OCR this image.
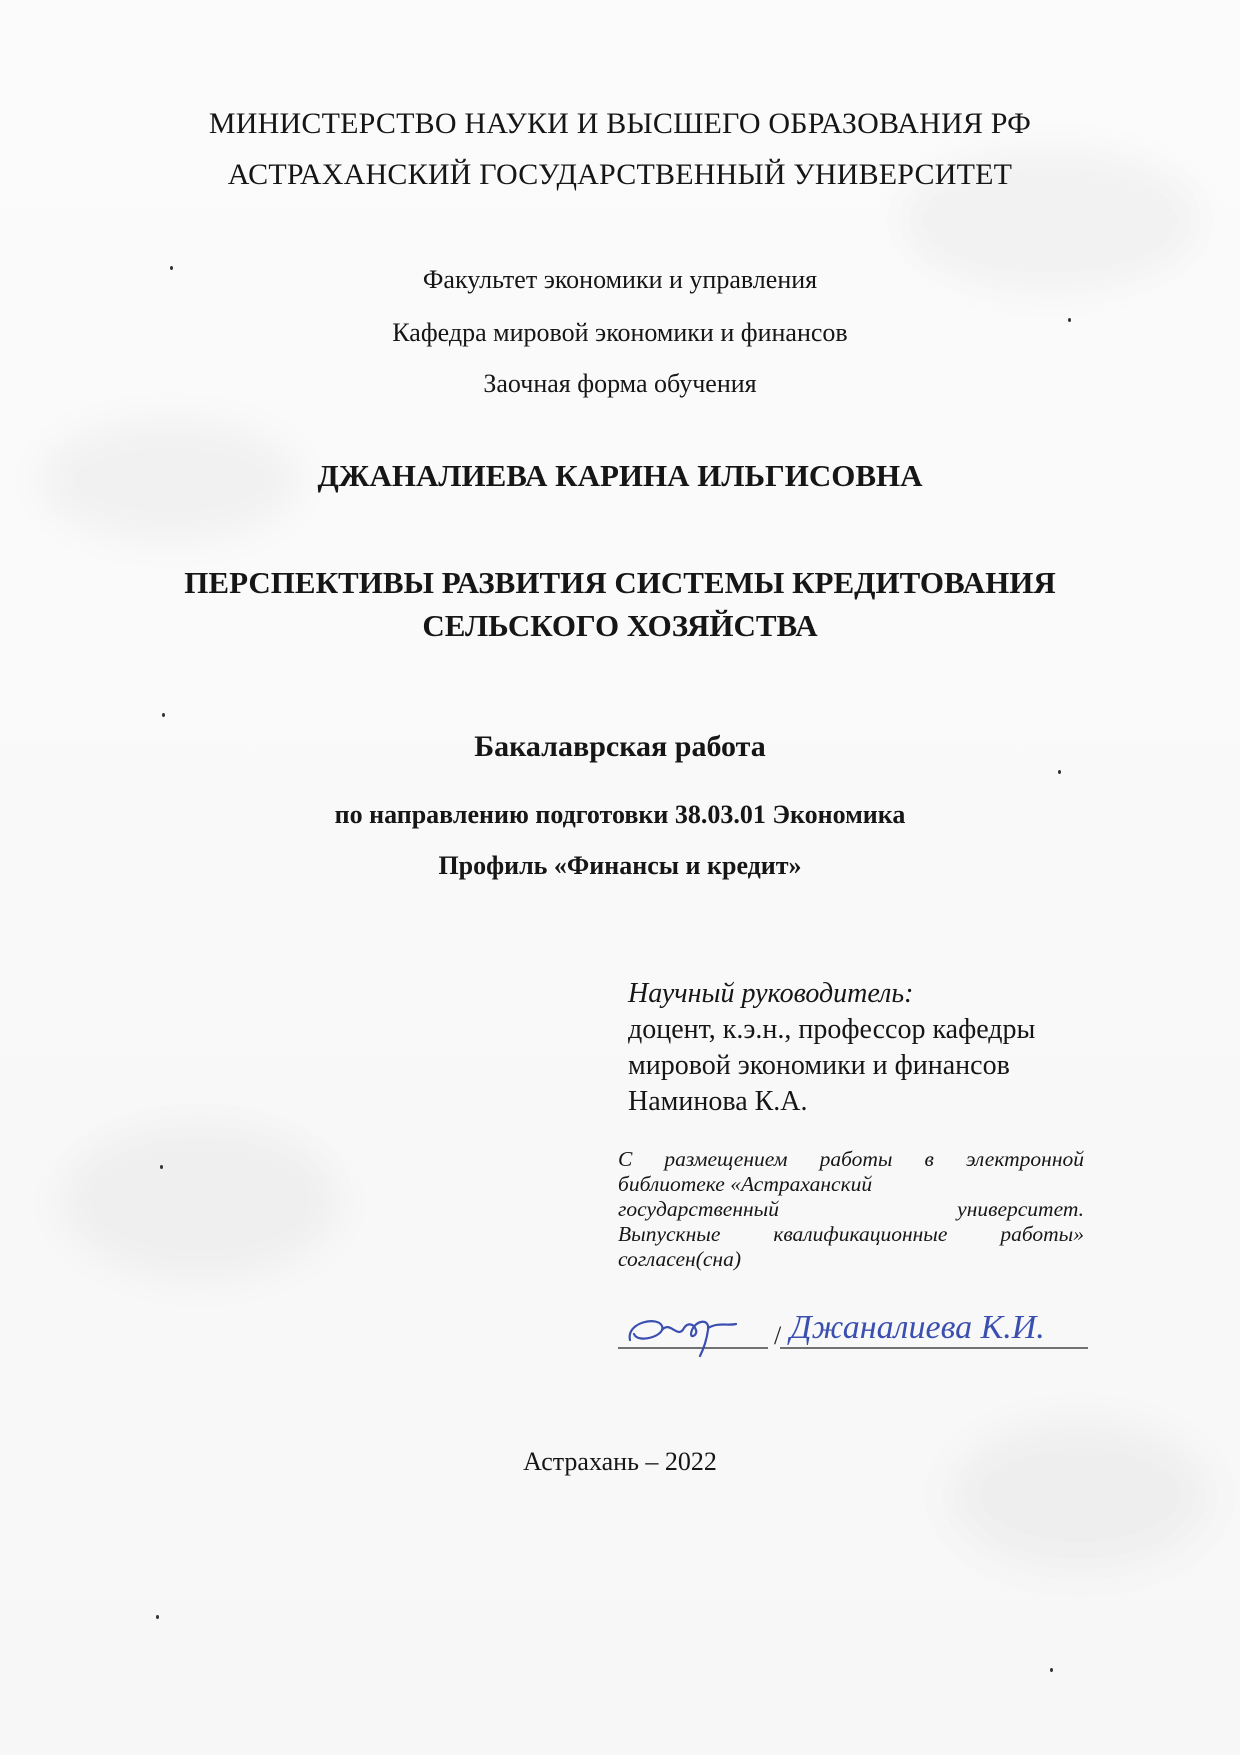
МИНИСТЕРСТВО НАУКИ И ВЫСШЕГО ОБРАЗОВАНИЯ РФ
АСТРАХАНСКИЙ ГОСУДАРСТВЕННЫЙ УНИВЕРСИТЕТ
Факультет экономики и управления
Кафедра мировой экономики и финансов
Заочная форма обучения
ДЖАНАЛИЕВА КАРИНА ИЛЬГИСОВНА
ПЕРСПЕКТИВЫ РАЗВИТИЯ СИСТЕМЫ КРЕДИТОВАНИЯ
СЕЛЬСКОГО ХОЗЯЙСТВА
Бакалаврская работа
по направлению подготовки 38.03.01 Экономика
Профиль «Финансы и кредит»
Научный руководитель:
доцент, к.э.н., профессор кафедры
мировой экономики и финансов
Наминова К.А.
С размещением работы в электронной
библиотеке «Астраханский
государственный	университет.
Выпускные квалификационные работы»
согласен(сна)
/ Джаналиева К.И.
Астрахань – 2022
